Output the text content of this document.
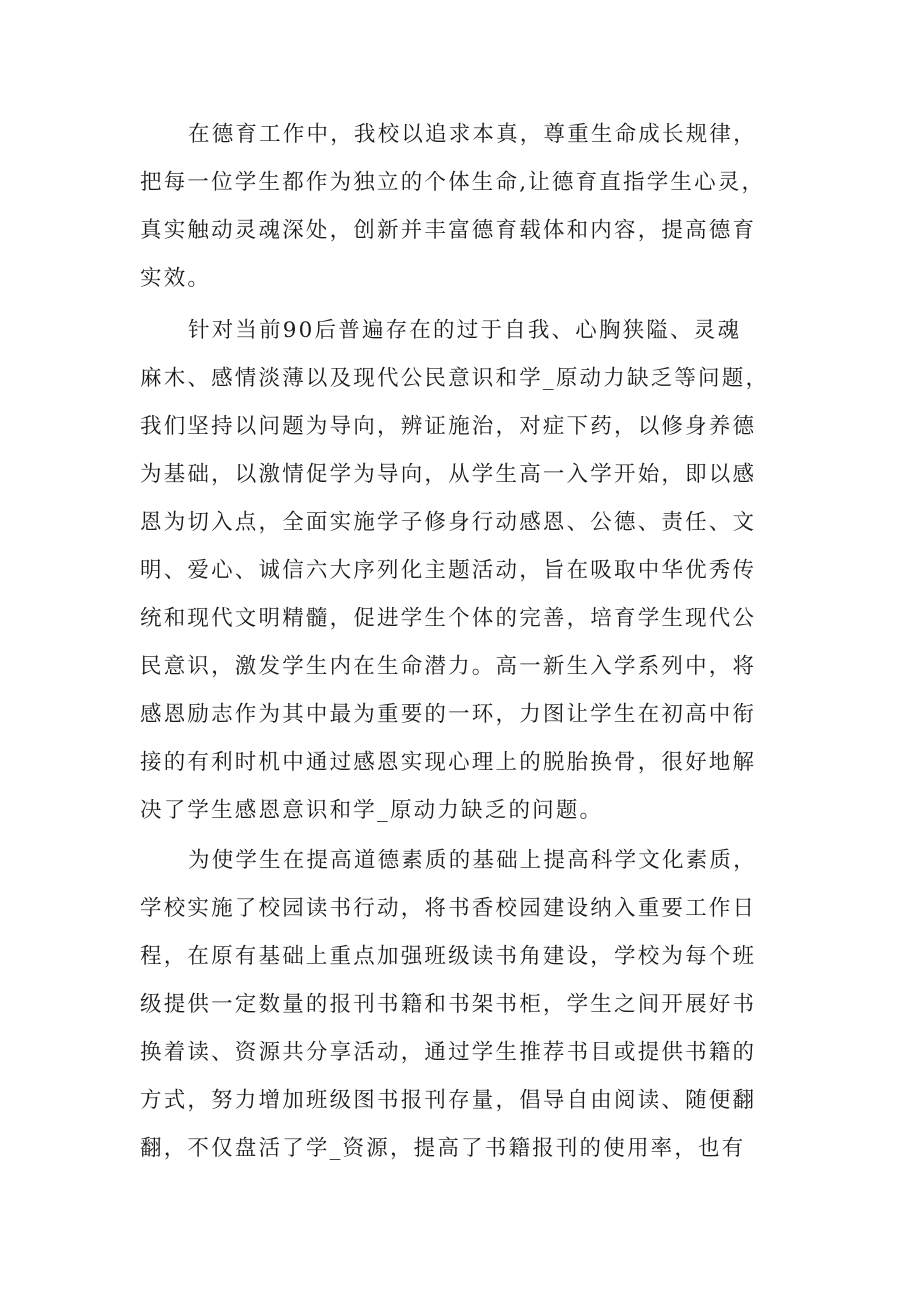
在德育工作中，我校以追求本真，尊重生命成长规律，
把每一位学生都作为独立的个体生命,让德育直指学生心灵，
真实触动灵魂深处，创新并丰富德育载体和内容，提高德育
实效。
针对当前90后普遍存在的过于自我、心胸狭隘、灵魂
麻木、感情淡薄以及现代公民意识和学_原动力缺乏等问题，
我们坚持以问题为导向，辨证施治，对症下药，以修身养德
为基础，以激情促学为导向，从学生高一入学开始，即以感
恩为切入点，全面实施学子修身行动感恩、公德、责任、文
明、爱心、诚信六大序列化主题活动，旨在吸取中华优秀传
统和现代文明精髓，促进学生个体的完善，培育学生现代公
民意识，激发学生内在生命潜力。高一新生入学系列中，将
感恩励志作为其中最为重要的一环，力图让学生在初高中衔
接的有利时机中通过感恩实现心理上的脱胎换骨，很好地解
决了学生感恩意识和学_原动力缺乏的问题。
为使学生在提高道德素质的基础上提高科学文化素质，
学校实施了校园读书行动，将书香校园建设纳入重要工作日
程，在原有基础上重点加强班级读书角建设，学校为每个班
级提供一定数量的报刊书籍和书架书柜，学生之间开展好书
换着读、资源共分享活动，通过学生推荐书目或提供书籍的
方式，努力增加班级图书报刊存量，倡导自由阅读、随便翻
翻，不仅盘活了学_资源，提高了书籍报刊的使用率，也有
